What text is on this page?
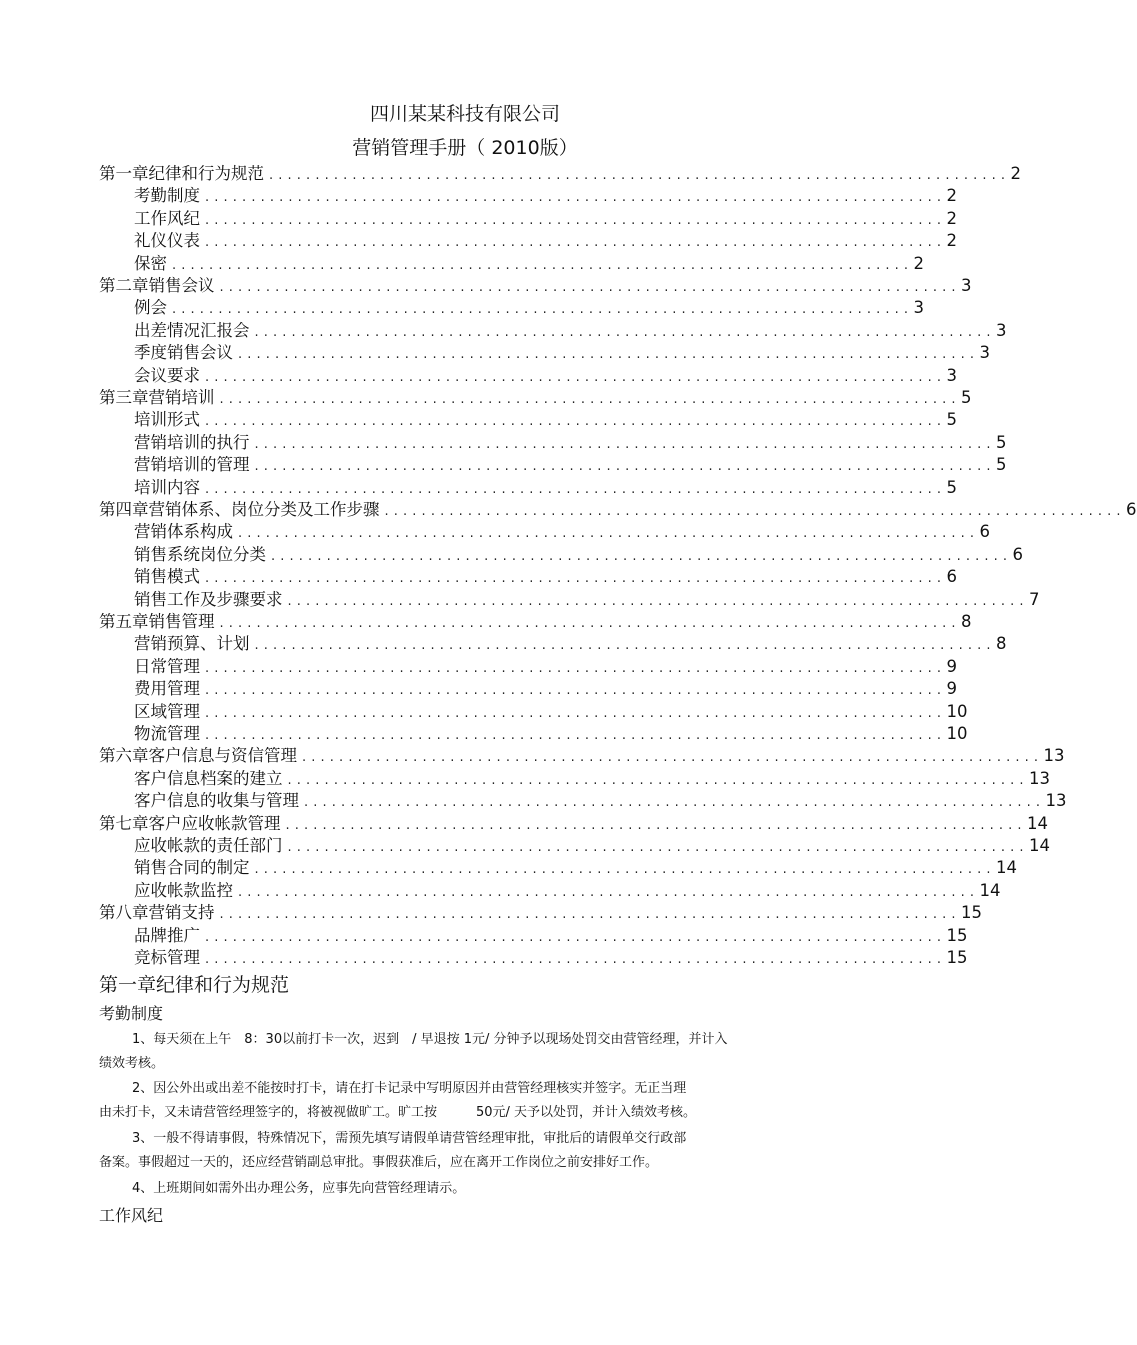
四川某某科技有限公司
营销管理手册（ 2010版）
第一章纪律和行为规范 . . . . . . . . . . . . . . . . . . . . . . . . . . . . . . . . . . . . . . . . . . . . . . . . . . . . . . . . . . . . . . . . . . . . . . . . . . . . . . . . 2
考勤制度 . . . . . . . . . . . . . . . . . . . . . . . . . . . . . . . . . . . . . . . . . . . . . . . . . . . . . . . . . . . . . . . . . . . . . . . . . . . . . . . . 2
工作风纪 . . . . . . . . . . . . . . . . . . . . . . . . . . . . . . . . . . . . . . . . . . . . . . . . . . . . . . . . . . . . . . . . . . . . . . . . . . . . . . . . 2
礼仪仪表 . . . . . . . . . . . . . . . . . . . . . . . . . . . . . . . . . . . . . . . . . . . . . . . . . . . . . . . . . . . . . . . . . . . . . . . . . . . . . . . . 2
保密 . . . . . . . . . . . . . . . . . . . . . . . . . . . . . . . . . . . . . . . . . . . . . . . . . . . . . . . . . . . . . . . . . . . . . . . . . . . . . . . . 2
第二章销售会议 . . . . . . . . . . . . . . . . . . . . . . . . . . . . . . . . . . . . . . . . . . . . . . . . . . . . . . . . . . . . . . . . . . . . . . . . . . . . . . . . 3
例会 . . . . . . . . . . . . . . . . . . . . . . . . . . . . . . . . . . . . . . . . . . . . . . . . . . . . . . . . . . . . . . . . . . . . . . . . . . . . . . . . 3
出差情况汇报会 . . . . . . . . . . . . . . . . . . . . . . . . . . . . . . . . . . . . . . . . . . . . . . . . . . . . . . . . . . . . . . . . . . . . . . . . . . . . . . . . 3
季度销售会议 . . . . . . . . . . . . . . . . . . . . . . . . . . . . . . . . . . . . . . . . . . . . . . . . . . . . . . . . . . . . . . . . . . . . . . . . . . . . . . . . 3
会议要求 . . . . . . . . . . . . . . . . . . . . . . . . . . . . . . . . . . . . . . . . . . . . . . . . . . . . . . . . . . . . . . . . . . . . . . . . . . . . . . . . 3
第三章营销培训 . . . . . . . . . . . . . . . . . . . . . . . . . . . . . . . . . . . . . . . . . . . . . . . . . . . . . . . . . . . . . . . . . . . . . . . . . . . . . . . . 5
培训形式 . . . . . . . . . . . . . . . . . . . . . . . . . . . . . . . . . . . . . . . . . . . . . . . . . . . . . . . . . . . . . . . . . . . . . . . . . . . . . . . . 5
营销培训的执行 . . . . . . . . . . . . . . . . . . . . . . . . . . . . . . . . . . . . . . . . . . . . . . . . . . . . . . . . . . . . . . . . . . . . . . . . . . . . . . . . 5
营销培训的管理 . . . . . . . . . . . . . . . . . . . . . . . . . . . . . . . . . . . . . . . . . . . . . . . . . . . . . . . . . . . . . . . . . . . . . . . . . . . . . . . . 5
培训内容 . . . . . . . . . . . . . . . . . . . . . . . . . . . . . . . . . . . . . . . . . . . . . . . . . . . . . . . . . . . . . . . . . . . . . . . . . . . . . . . . 5
第四章营销体系、岗位分类及工作步骤 . . . . . . . . . . . . . . . . . . . . . . . . . . . . . . . . . . . . . . . . . . . . . . . . . . . . . . . . . . . . . . . . . . . . . . . . . . . . . . . . 6
营销体系构成 . . . . . . . . . . . . . . . . . . . . . . . . . . . . . . . . . . . . . . . . . . . . . . . . . . . . . . . . . . . . . . . . . . . . . . . . . . . . . . . . 6
销售系统岗位分类 . . . . . . . . . . . . . . . . . . . . . . . . . . . . . . . . . . . . . . . . . . . . . . . . . . . . . . . . . . . . . . . . . . . . . . . . . . . . . . . . 6
销售模式 . . . . . . . . . . . . . . . . . . . . . . . . . . . . . . . . . . . . . . . . . . . . . . . . . . . . . . . . . . . . . . . . . . . . . . . . . . . . . . . . 6
销售工作及步骤要求 . . . . . . . . . . . . . . . . . . . . . . . . . . . . . . . . . . . . . . . . . . . . . . . . . . . . . . . . . . . . . . . . . . . . . . . . . . . . . . . . 7
第五章销售管理 . . . . . . . . . . . . . . . . . . . . . . . . . . . . . . . . . . . . . . . . . . . . . . . . . . . . . . . . . . . . . . . . . . . . . . . . . . . . . . . . 8
营销预算、计划 . . . . . . . . . . . . . . . . . . . . . . . . . . . . . . . . . . . . . . . . . . . . . . . . . . . . . . . . . . . . . . . . . . . . . . . . . . . . . . . . 8
日常管理 . . . . . . . . . . . . . . . . . . . . . . . . . . . . . . . . . . . . . . . . . . . . . . . . . . . . . . . . . . . . . . . . . . . . . . . . . . . . . . . . 9
费用管理 . . . . . . . . . . . . . . . . . . . . . . . . . . . . . . . . . . . . . . . . . . . . . . . . . . . . . . . . . . . . . . . . . . . . . . . . . . . . . . . . 9
区域管理 . . . . . . . . . . . . . . . . . . . . . . . . . . . . . . . . . . . . . . . . . . . . . . . . . . . . . . . . . . . . . . . . . . . . . . . . . . . . . . . . 10
物流管理 . . . . . . . . . . . . . . . . . . . . . . . . . . . . . . . . . . . . . . . . . . . . . . . . . . . . . . . . . . . . . . . . . . . . . . . . . . . . . . . . 10
第六章客户信息与资信管理 . . . . . . . . . . . . . . . . . . . . . . . . . . . . . . . . . . . . . . . . . . . . . . . . . . . . . . . . . . . . . . . . . . . . . . . . . . . . . . . . 13
客户信息档案的建立 . . . . . . . . . . . . . . . . . . . . . . . . . . . . . . . . . . . . . . . . . . . . . . . . . . . . . . . . . . . . . . . . . . . . . . . . . . . . . . . . 13
客户信息的收集与管理 . . . . . . . . . . . . . . . . . . . . . . . . . . . . . . . . . . . . . . . . . . . . . . . . . . . . . . . . . . . . . . . . . . . . . . . . . . . . . . . . 13
第七章客户应收帐款管理 . . . . . . . . . . . . . . . . . . . . . . . . . . . . . . . . . . . . . . . . . . . . . . . . . . . . . . . . . . . . . . . . . . . . . . . . . . . . . . . . 14
应收帐款的责任部门 . . . . . . . . . . . . . . . . . . . . . . . . . . . . . . . . . . . . . . . . . . . . . . . . . . . . . . . . . . . . . . . . . . . . . . . . . . . . . . . . 14
销售合同的制定 . . . . . . . . . . . . . . . . . . . . . . . . . . . . . . . . . . . . . . . . . . . . . . . . . . . . . . . . . . . . . . . . . . . . . . . . . . . . . . . . 14
应收帐款监控 . . . . . . . . . . . . . . . . . . . . . . . . . . . . . . . . . . . . . . . . . . . . . . . . . . . . . . . . . . . . . . . . . . . . . . . . . . . . . . . . 14
第八章营销支持 . . . . . . . . . . . . . . . . . . . . . . . . . . . . . . . . . . . . . . . . . . . . . . . . . . . . . . . . . . . . . . . . . . . . . . . . . . . . . . . . 15
品牌推广 . . . . . . . . . . . . . . . . . . . . . . . . . . . . . . . . . . . . . . . . . . . . . . . . . . . . . . . . . . . . . . . . . . . . . . . . . . . . . . . . 15
竞标管理 . . . . . . . . . . . . . . . . . . . . . . . . . . . . . . . . . . . . . . . . . . . . . . . . . . . . . . . . . . . . . . . . . . . . . . . . . . . . . . . . 15
第一章纪律和行为规范
考勤制度
1、每天须在上午　8：30以前打卡一次，迟到　/ 早退按 1元/ 分钟予以现场处罚交由营管经理，并计入
绩效考核。
2、因公外出或出差不能按时打卡，请在打卡记录中写明原因并由营管经理核实并签字。无正当理
由未打卡，又未请营管经理签字的，将被视做旷工。旷工按　　　50元/ 天予以处罚，并计入绩效考核。
3、一般不得请事假，特殊情况下，需预先填写请假单请营管经理审批，审批后的请假单交行政部
备案。事假超过一天的，还应经营销副总审批。事假获准后，应在离开工作岗位之前安排好工作。
4、上班期间如需外出办理公务，应事先向营管经理请示。
工作风纪
